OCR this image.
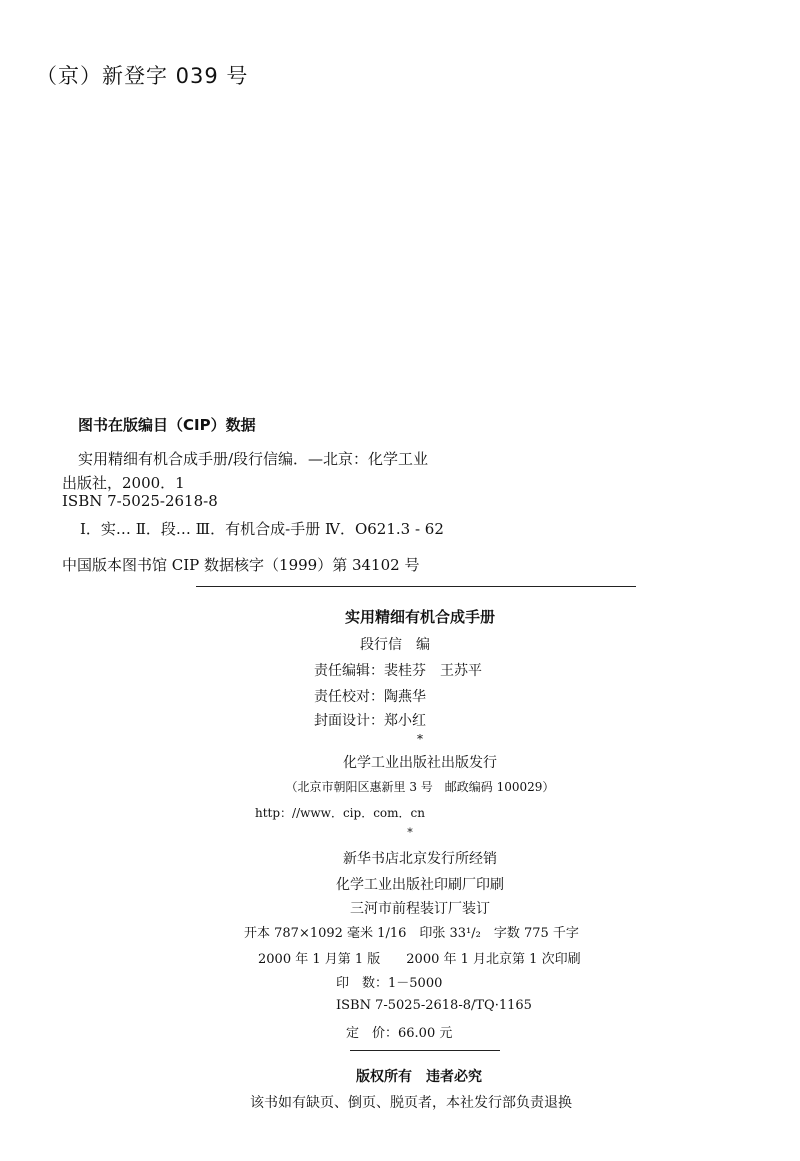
（京）新登字 039 号
图书在版编目（CIP）数据
实用精细有机合成手册/段行信编．—北京：化学工业
出版社，2000．1
ISBN 7-5025-2618-8
Ⅰ．实… Ⅱ．段… Ⅲ．有机合成-手册 Ⅳ．O621.3 - 62
中国版本图书馆 CIP 数据核字（1999）第 34102 号
实用精细有机合成手册
段行信　编
责任编辑：裴桂芬　王苏平
责任校对：陶燕华
封面设计：郑小红
*
化学工业出版社出版发行
（北京市朝阳区惠新里 3 号　邮政编码 100029）
http：//www．cip．com．cn
*
新华书店北京发行所经销
化学工业出版社印刷厂印刷
三河市前程装订厂装订
开本 787×1092 毫米 1/16　印张 33¹/₂　字数 775 千字
2000 年 1 月第 1 版　　2000 年 1 月北京第 1 次印刷
印　数：1－5000
ISBN 7-5025-2618-8/TQ·1165
定　价：66.00 元
版权所有　违者必究
该书如有缺页、倒页、脱页者，本社发行部负责退换
